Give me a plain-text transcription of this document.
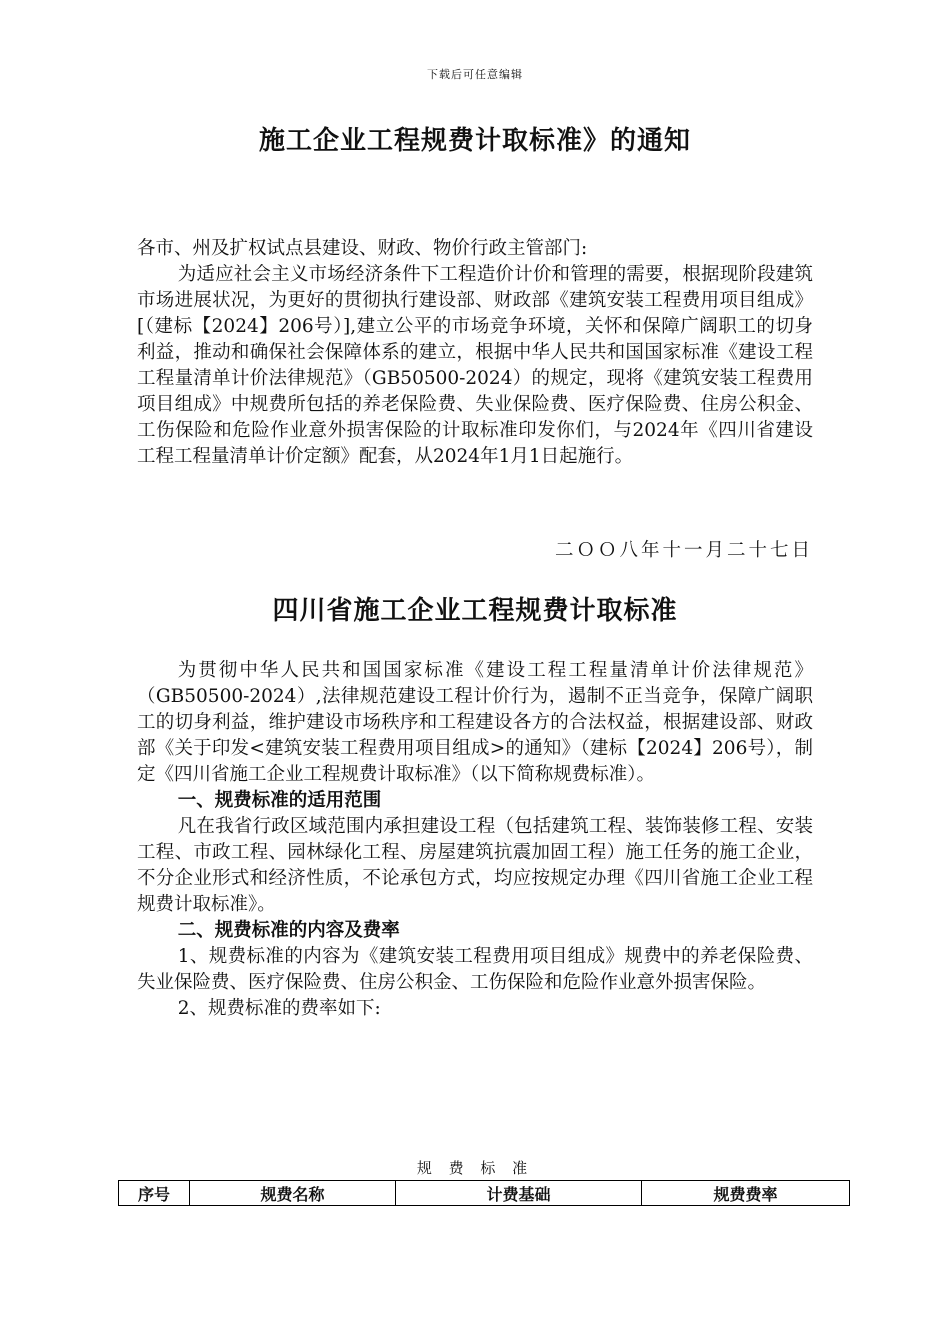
下载后可任意编辑
施工企业工程规费计取标准》的通知

各市、州及扩权试点县建设、财政、物价行政主管部门:

为适应社会主义市场经济条件下工程造价计价和管理的需要，根据现阶段建筑市场进展状况，为更好的贯彻执行建设部、财政部《建筑安装工程费用项目组成》[（建标【2024】206号）],建立公平的市场竞争环境，关怀和保障广阔职工的切身利益，推动和确保社会保障体系的建立，根据中华人民共和国国家标准《建设工程工程量清单计价法律规范》（GB50500-2024）的规定，现将《建筑安装工程费用项目组成》中规费所包括的养老保险费、失业保险费、医疗保险费、住房公积金、工伤保险和危险作业意外损害保险的计取标准印发你们，与2024年《四川省建设工程工程量清单计价定额》配套，从2024年1月1日起施行。

二ＯＯ八年十一月二十七日
四川省施工企业工程规费计取标准

为贯彻中华人民共和国国家标准《建设工程工程量清单计价法律规范》（GB50500-2024）,法律规范建设工程计价行为，遏制不正当竞争，保障广阔职工的切身利益，维护建设市场秩序和工程建设各方的合法权益，根据建设部、财政部《关于印发<建筑安装工程费用项目组成>的通知》（建标【2024】206号），制定《四川省施工企业工程规费计取标准》（以下简称规费标准）。

一、规费标准的适用范围

凡在我省行政区域范围内承担建设工程（包括建筑工程、装饰装修工程、安装工程、市政工程、园林绿化工程、房屋建筑抗震加固工程）施工任务的施工企业，不分企业形式和经济性质，不论承包方式，均应按规定办理《四川省施工企业工程规费计取标准》。

二、规费标准的内容及费率

1、规费标准的内容为《建筑安装工程费用项目组成》规费中的养老保险费、失业保险费、医疗保险费、住房公积金、工伤保险和危险作业意外损害保险。

2、规费标准的费率如下:

规 费 标 准
序号	规费名称	计费基础	规费费率
